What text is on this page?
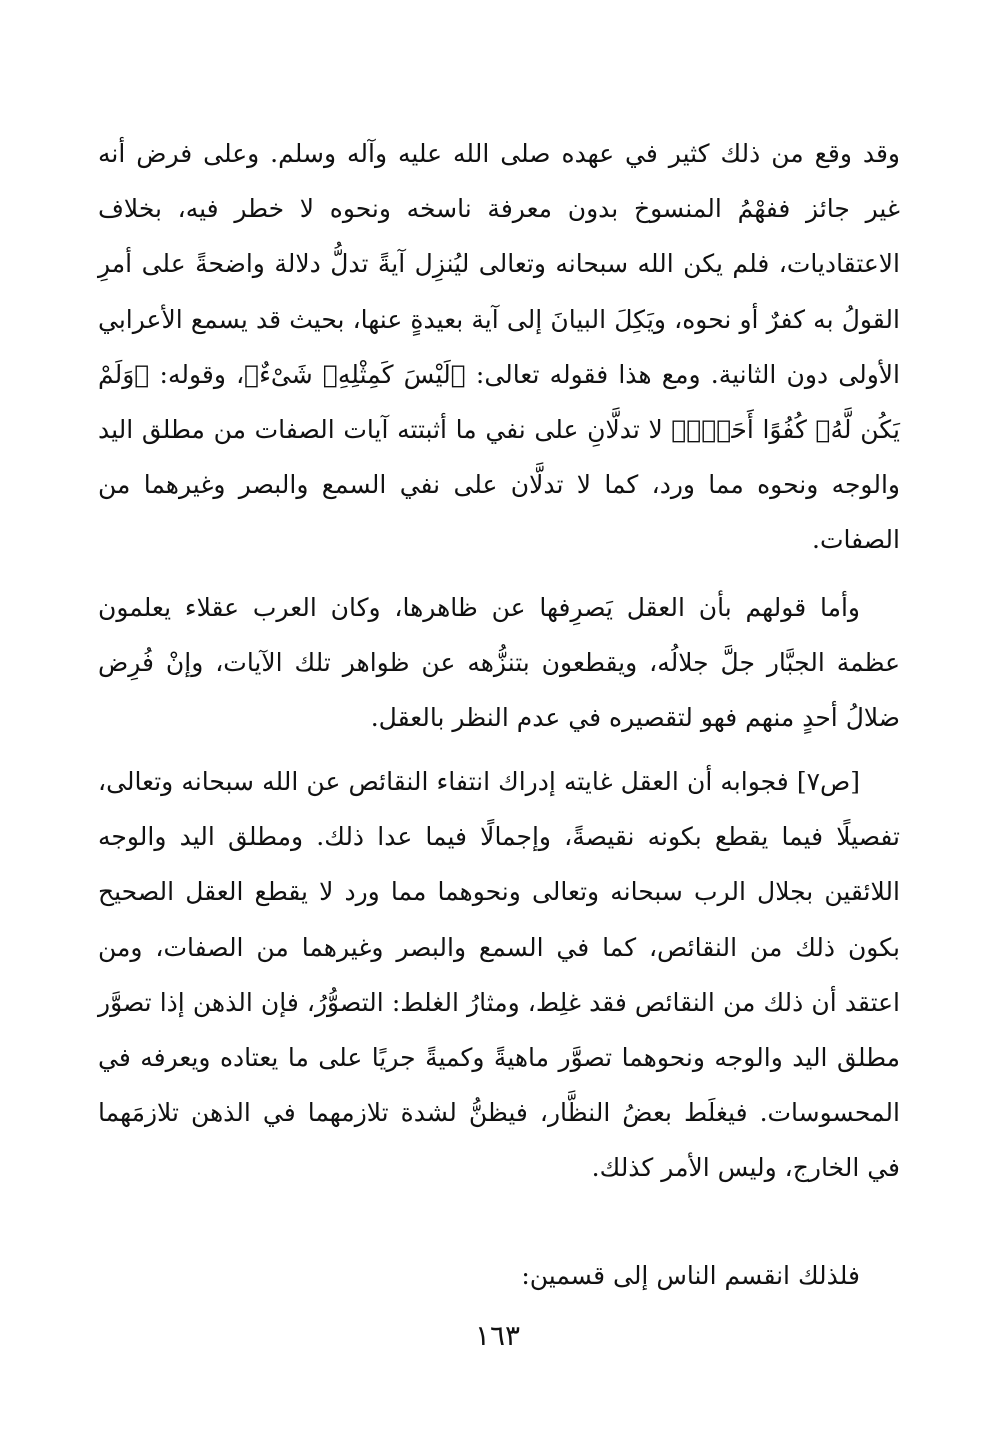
وقد وقع من ذلك كثير في عهده صلى الله عليه وآله وسلم. وعلى فرض أنه غير جائز ففهْمُ المنسوخ بدون معرفة ناسخه ونحوه لا خطر فيه، بخلاف الاعتقاديات، فلم يكن الله سبحانه وتعالى ليُنزِل آيةً تدلُّ دلالة واضحةً على أمرِ القولُ به كفرٌ أو نحوه، ويَكِلَ البيانَ إلى آية بعيدةٍ عنها، بحيث قد يسمع الأعرابي الأولى دون الثانية. ومع هذا فقوله تعالى: ﴿لَيْسَ كَمِثْلِهِۦ شَىْءٌ﴾، وقوله: ﴿وَلَمْ يَكُن لَّهُۥ كُفُوًا أَحَدٌۢ﴾ لا تدلَّانِ على نفي ما أثبتته آيات الصفات من مطلق اليد والوجه ونحوه مما ورد، كما لا تدلَّان على نفي السمع والبصر وغيرهما من الصفات.

وأما قولهم بأن العقل يَصرِفها عن ظاهرها، وكان العرب عقلاء يعلمون عظمة الجبَّار جلَّ جلالُه، ويقطعون بتنزُّهه عن ظواهر تلك الآيات، وإنْ فُرِض ضلالُ أحدٍ منهم فهو لتقصيره في عدم النظر بالعقل.

[ص٧] فجوابه أن العقل غايته إدراك انتفاء النقائص عن الله سبحانه وتعالى، تفصيلًا فيما يقطع بكونه نقيصةً، وإجمالًا فيما عدا ذلك. ومطلق اليد والوجه اللائقين بجلال الرب سبحانه وتعالى ونحوهما مما ورد لا يقطع العقل الصحيح بكون ذلك من النقائص، كما في السمع والبصر وغيرهما من الصفات، ومن اعتقد أن ذلك من النقائص فقد غلِط، ومثارُ الغلط: التصوُّرُ، فإن الذهن إذا تصوَّر مطلق اليد والوجه ونحوهما تصوَّر ماهيةً وكميةً جريًا على ما يعتاده ويعرفه في المحسوسات. فيغلَط بعضُ النظَّار، فيظنُّ لشدة تلازمهما في الذهن تلازمَهما في الخارج، وليس الأمر كذلك.

فلذلك انقسم الناس إلى قسمين:

١٦٣
